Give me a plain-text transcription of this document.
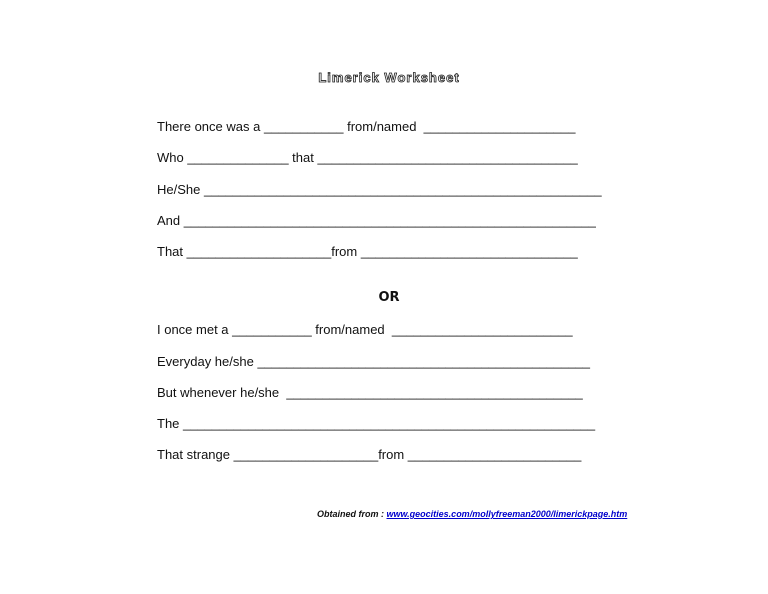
Limerick Worksheet
There once was a ___________ from/named  _____________________
Who ______________ that ____________________________________
He/She _______________________________________________________
And _________________________________________________________
That ____________________from ______________________________
OR
I once met a ___________ from/named  _________________________
Everyday he/she ______________________________________________
But whenever he/she  _________________________________________
The _________________________________________________________
That strange ____________________from ________________________
Obtained from : www.geocities.com/mollyfreeman2000/limerickpage.htm
